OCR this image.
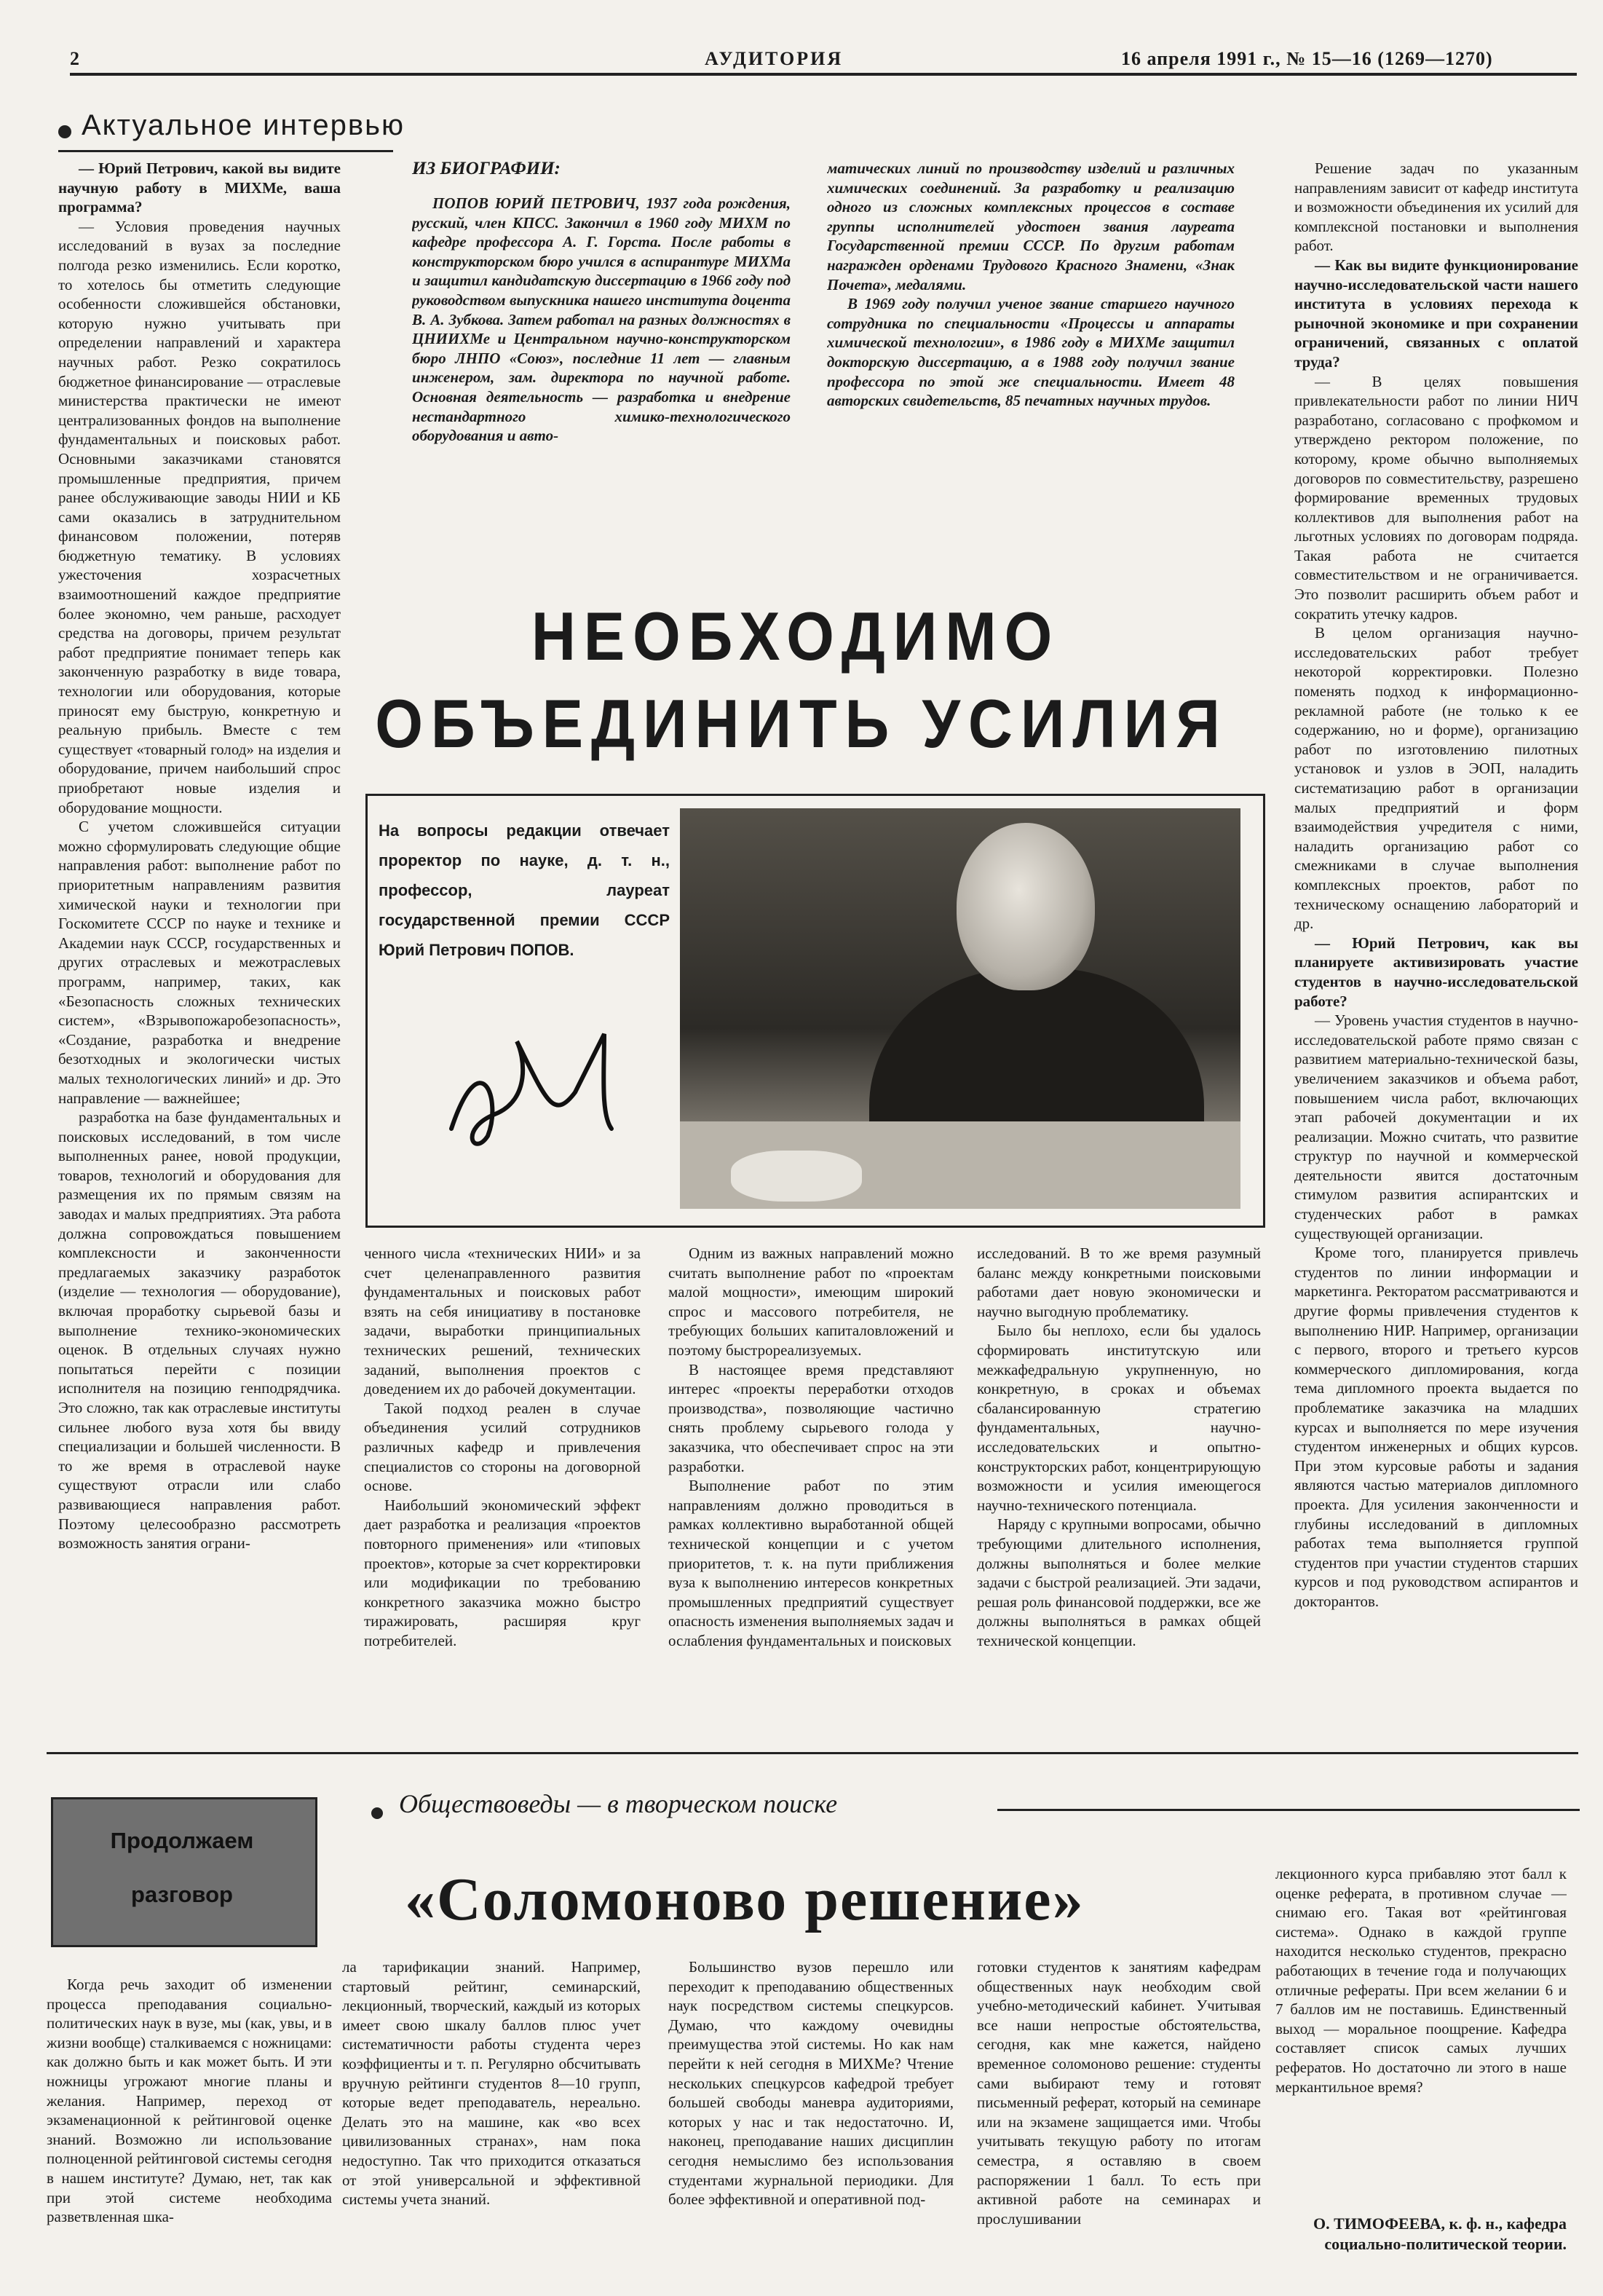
2	АУДИТОРИЯ	16 апреля 1991 г., № 15—16 (1269—1270)
Актуальное интервью

— Юрий Петрович, какой вы видите научную работу в МИХМе, ваша программа?

— Условия проведения научных исследований в вузах за последние полгода резко изменились. Если коротко, то хотелось бы отметить следующие особенности сложившейся обстановки, которую нужно учитывать при определении направлений и характера научных работ. Резко сократилось бюджетное финансирование — отраслевые министерства практически не имеют централизованных фондов на выполнение фундаментальных и поисковых работ. Основными заказчиками становятся промышленные предприятия, причем ранее обслуживающие заводы НИИ и КБ сами оказались в затруднительном финансовом положении, потеряв бюджетную тематику. В условиях ужесточения хозрасчетных взаимоотношений каждое предприятие более экономно, чем раньше, расходует средства на договоры, причем результат работ предприятие понимает теперь как законченную разработку в виде товара, технологии или оборудования, которые приносят ему быструю, конкретную и реальную прибыль. Вместе с тем существует «товарный голод» на изделия и оборудование, причем наибольший спрос приобретают новые изделия и оборудование мощности.

С учетом сложившейся ситуации можно сформулировать следующие общие направления работ: выполнение работ по приоритетным направлениям развития химической науки и технологии при Госкомитете СССР по науке и технике и Академии наук СССР, государственных и других отраслевых и межотраслевых программ, например, таких, как «Безопасность сложных технических систем», «Взрывопожаробезопасность», «Создание, разработка и внедрение безотходных и экологически чистых малых технологических линий» и др. Это направление — важнейшее;

разработка на базе фундаментальных и поисковых исследований, в том числе выполненных ранее, новой продукции, товаров, технологий и оборудования для размещения их по прямым связям на заводах и малых предприятиях. Эта работа должна сопровождаться повышением комплексности и законченности предлагаемых заказчику разработок (изделие — технология — оборудование), включая проработку сырьевой базы и выполнение технико-экономических оценок. В отдельных случаях нужно попытаться перейти с позиции исполнителя на позицию генподрядчика. Это сложно, так как отраслевые институты сильнее любого вуза хотя бы ввиду специализации и большей численности. В то же время в отраслевой науке существуют отрасли или слабо развивающиеся направления работ. Поэтому целесообразно рассмотреть возможность занятия ограни-

ИЗ БИОГРАФИИ:

ПОПОВ ЮРИЙ ПЕТРОВИЧ, 1937 года рождения, русский, член КПСС. Закончил в 1960 году МИХМ по кафедре профессора А. Г. Горста. После работы в конструкторском бюро учился в аспирантуре МИХМа и защитил кандидатскую диссертацию в 1966 году под руководством выпускника нашего института доцента В. А. Зубкова. Затем работал на разных должностях в ЦНИИХМе и Центральном научно-конструкторском бюро ЛНПО «Союз», последние 11 лет — главным инженером, зам. директора по научной работе. Основная деятельность — разработка и внедрение нестандартного химико-технологического оборудования и авто-

матических линий по производству изделий и различных химических соединений. За разработку и реализацию одного из сложных комплексных процессов в составе группы исполнителей удостоен звания лауреата Государственной премии СССР. По другим работам награжден орденами Трудового Красного Знамени, «Знак Почета», медалями.

В 1969 году получил ученое звание старшего научного сотрудника по специальности «Процессы и аппараты химической технологии», в 1986 году в МИХМе защитил докторскую диссертацию, а в 1988 году получил звание профессора по этой же специальности. Имеет 48 авторских свидетельств, 85 печатных научных трудов.

НЕОБХОДИМО
ОБЪЕДИНИТЬ УСИЛИЯ
На вопросы редакции отвечает проректор по науке, д. т. н., профессор, лауреат государственной премии СССР Юрий Петрович ПОПОВ.

ченного числа «технических НИИ» и за счет целенаправленного развития фундаментальных и поисковых работ взять на себя инициативу в постановке задачи, выработки принципиальных технических решений, технических заданий, выполнения проектов с доведением их до рабочей документации.

Такой подход реален в случае объединения усилий сотрудников различных кафедр и привлечения специалистов со стороны на договорной основе.

Наибольший экономический эффект дает разработка и реализация «проектов повторного применения» или «типовых проектов», которые за счет корректировки или модификации по требованию конкретного заказчика можно быстро тиражировать, расширяя круг потребителей.

Одним из важных направлений можно считать выполнение работ по «проектам малой мощности», имеющим широкий спрос и массового потребителя, не требующих больших капиталовложений и поэтому быстрореализуемых.

В настоящее время представляют интерес «проекты переработки отходов производства», позволяющие частично снять проблему сырьевого голода у заказчика, что обеспечивает спрос на эти разработки.

Выполнение работ по этим направлениям должно проводиться в рамках коллективно выработанной общей технической концепции и с учетом приоритетов, т. к. на пути приближения вуза к выполнению интересов конкретных промышленных предприятий существует опасность изменения выполняемых задач и ослабления фундаментальных и поисковых

исследований. В то же время разумный баланс между конкретными поисковыми работами дает новую экономически и научно выгодную проблематику.

Было бы неплохо, если бы удалось сформировать институтскую или межкафедральную укрупненную, но конкретную, в сроках и объемах сбалансированную стратегию фундаментальных, научно-исследовательских и опытно-конструкторских работ, концентрирующую возможности и усилия имеющегося научно-технического потенциала.

Наряду с крупными вопросами, обычно требующими длительного исполнения, должны выполняться и более мелкие задачи с быстрой реализацией. Эти задачи, решая роль финансовой поддержки, все же должны выполняться в рамках общей технической концепции.

Решение задач по указанным направлениям зависит от кафедр института и возможности объединения их усилий для комплексной постановки и выполнения работ.

— Как вы видите функционирование научно-исследовательской части нашего института в условиях перехода к рыночной экономике и при сохранении ограничений, связанных с оплатой труда?

— В целях повышения привлекательности работ по линии НИЧ разработано, согласовано с профкомом и утверждено ректором положение, по которому, кроме обычно выполняемых договоров по совместительству, разрешено формирование временных трудовых коллективов для выполнения работ на льготных условиях по договорам подряда. Такая работа не считается совместительством и не ограничивается. Это позволит расширить объем работ и сократить утечку кадров.

В целом организация научно-исследовательских работ требует некоторой корректировки. Полезно поменять подход к информационно-рекламной работе (не только к ее содержанию, но и форме), организацию работ по изготовлению пилотных установок и узлов в ЭОП, наладить систематизацию работ в организации малых предприятий и форм взаимодействия учредителя с ними, наладить организацию работ со смежниками в случае выполнения комплексных проектов, работ по техническому оснащению лабораторий и др.

— Юрий Петрович, как вы планируете активизировать участие студентов в научно-исследовательской работе?

— Уровень участия студентов в научно-исследовательской работе прямо связан с развитием материально-технической базы, увеличением заказчиков и объема работ, повышением числа работ, включающих этап рабочей документации и их реализации. Можно считать, что развитие структур по научной и коммерческой деятельности явится достаточным стимулом развития аспирантских и студенческих работ в рамках существующей организации.

Кроме того, планируется привлечь студентов по линии информации и маркетинга. Ректоратом рассматриваются и другие формы привлечения студентов к выполнению НИР. Например, организации с первого, второго и третьего курсов коммерческого дипломирования, когда тема дипломного проекта выдается по проблематике заказчика на младших курсах и выполняется по мере изучения студентом инженерных и общих курсов. При этом курсовые работы и задания являются частью материалов дипломного проекта. Для усиления законченности и глубины исследований в дипломных работах тема выполняется группой студентов при участии студентов старших курсов и под руководством аспирантов и докторантов.

Продолжаем
разговор
Обществоведы — в творческом поиске
«Соломоново решение»

Когда речь заходит об изменении процесса преподавания социально-политических наук в вузе, мы (как, увы, и в жизни вообще) сталкиваемся с ножницами: как должно быть и как может быть. И эти ножницы угрожают многие планы и желания. Например, переход от экзаменационной к рейтинговой оценке знаний. Возможно ли использование полноценной рейтинговой системы сегодня в нашем институте? Думаю, нет, так как при этой системе необходима разветвленная шка-

ла тарификации знаний. Например, стартовый рейтинг, семинарский, лекционный, творческий, каждый из которых имеет свою шкалу баллов плюс учет систематичности работы студента через коэффициенты и т. п. Регулярно обсчитывать вручную рейтинги студентов 8—10 групп, которые ведет преподаватель, нереально. Делать это на машине, как «во всех цивилизованных странах», нам пока недоступно. Так что приходится отказаться от этой универсальной и эффективной системы учета знаний.

Большинство вузов перешло или переходит к преподаванию общественных наук посредством системы спецкурсов. Думаю, что каждому очевидны преимущества этой системы. Но как нам перейти к ней сегодня в МИХМе? Чтение нескольких спецкурсов кафедрой требует большей свободы маневра аудиториями, которых у нас и так недостаточно. И, наконец, преподавание наших дисциплин сегодня немыслимо без использования студентами журнальной периодики. Для более эффективной и оперативной под-

готовки студентов к занятиям кафедрам общественных наук необходим свой учебно-методический кабинет. Учитывая все наши непростые обстоятельства, сегодня, как мне кажется, найдено временное соломоново решение: студенты сами выбирают тему и готовят письменный реферат, который на семинаре или на экзамене защищается ими. Чтобы учитывать текущую работу по итогам семестра, я оставляю в своем распоряжении 1 балл. То есть при активной работе на семинарах и прослушивании

лекционного курса прибавляю этот балл к оценке реферата, в противном случае — снимаю его. Такая вот «рейтинговая система». Однако в каждой группе находится несколько студентов, прекрасно работающих в течение года и получающих отличные рефераты. При всем желании 6 и 7 баллов им не поставишь. Единственный выход — моральное поощрение. Кафедра составляет список самых лучших рефератов. Но достаточно ли этого в наше меркантильное время?

О. ТИМОФЕЕВА, к. ф. н., кафедра социально-политической теории.
